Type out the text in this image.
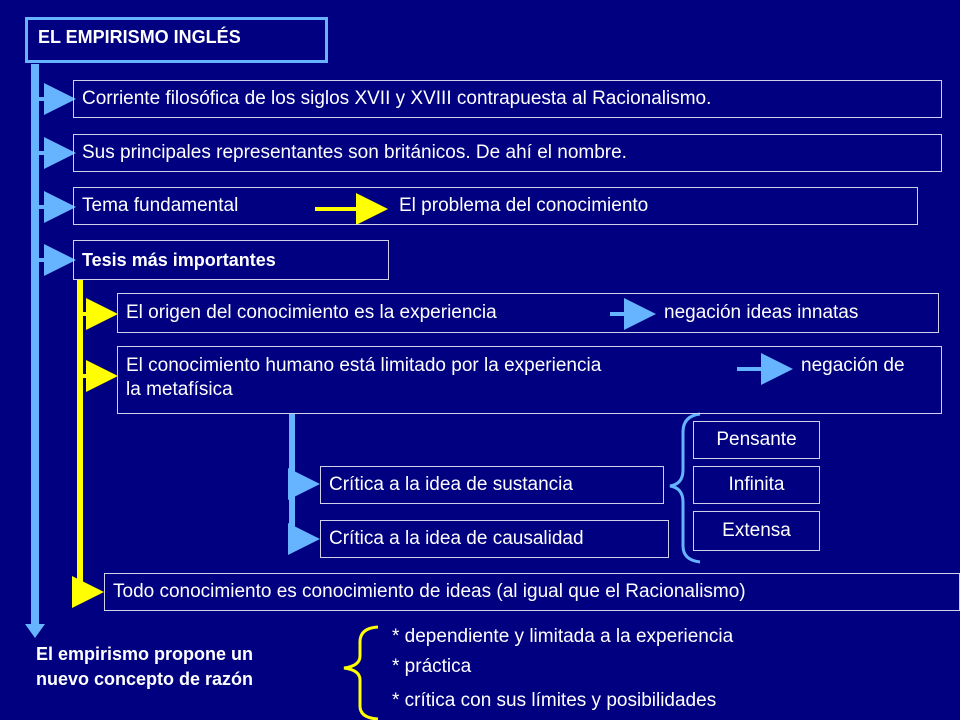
EL EMPIRISMO INGLÉS
Corriente filosófica de los siglos XVII y XVIII contrapuesta al Racionalismo.
Sus principales representantes son británicos. De ahí el nombre.
Tema fundamental	El problema del conocimiento
Tesis más importantes
El origen del conocimiento es la experiencia	negación ideas innatas
El conocimiento humano está limitado por la experiencia	negación de

la metafísica
Crítica a la idea de sustancia
Crítica a la idea de causalidad
Pensante
Infinita
Extensa
Todo conocimiento es conocimiento de ideas (al igual que el Racionalismo)
El empirismo propone un
nuevo concepto de razón
* dependiente y limitada a la experiencia
* práctica
* crítica con sus límites y posibilidades
